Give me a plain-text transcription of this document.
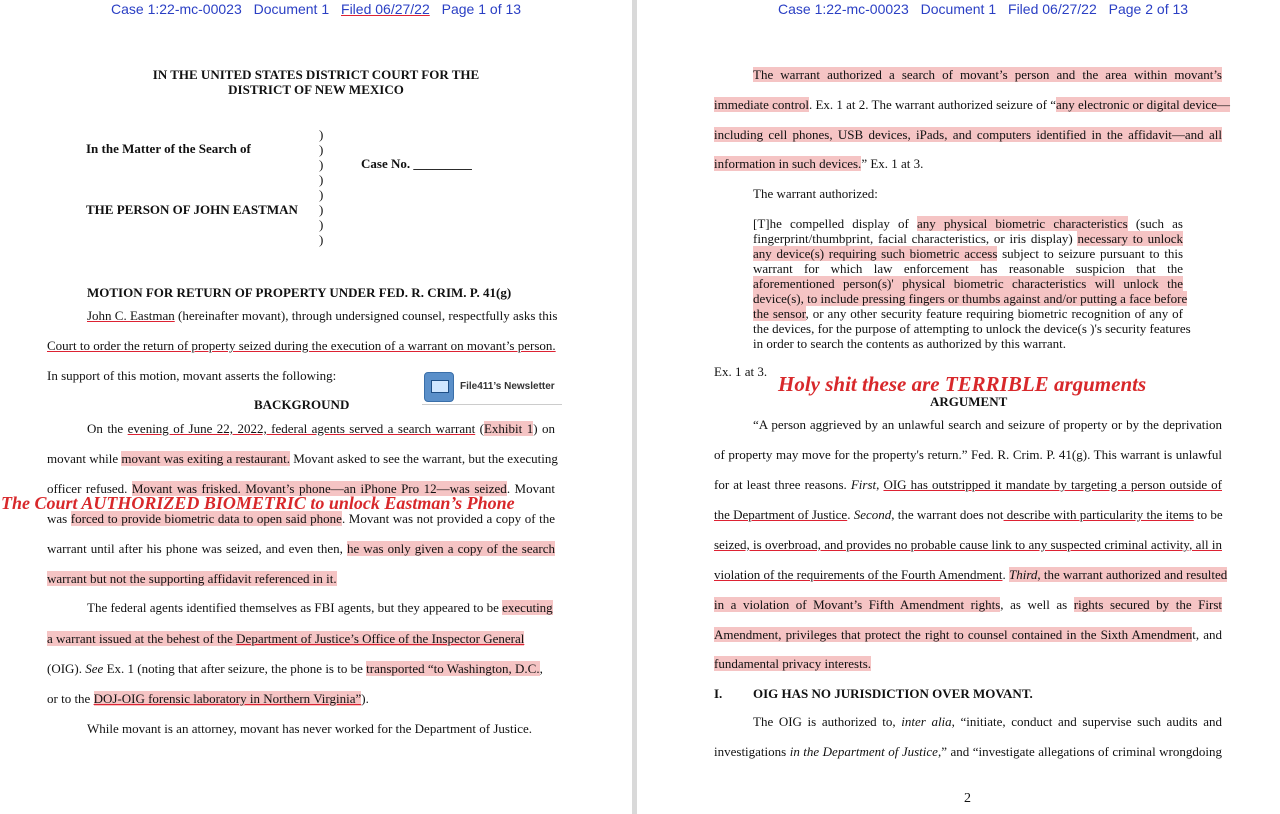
Case 1:22-mc-00023 Document 1 Filed 06/27/22 Page 1 of 13
IN THE UNITED STATES DISTRICT COURT FOR THE
DISTRICT OF NEW MEXICO
)
)
)
)
)
)
)
)
In the Matter of the Search of
THE PERSON OF JOHN EASTMAN
Case No. _________
MOTION FOR RETURN OF PROPERTY UNDER FED. R. CRIM. P. 41(g)
John C. Eastman (hereinafter movant), through undersigned counsel, respectfully asks this
Court to order the return of property seized during the execution of a warrant on movant’s person.
In support of this motion, movant asserts the following:
File411’s Newsletter
BACKGROUND
On the evening of June 22, 2022, federal agents served a search warrant (Exhibit 1) on
movant while movant was exiting a restaurant. Movant asked to see the warrant, but the executing
officer refused. Movant was frisked. Movant’s phone—an iPhone Pro 12—was seized. Movant
was forced to provide biometric data to open said phone. Movant was not provided a copy of the
warrant until after his phone was seized, and even then, he was only given a copy of the search
warrant but not the supporting affidavit referenced in it.
The federal agents identified themselves as FBI agents, but they appeared to be executing
a warrant issued at the behest of the Department of Justice’s Office of the Inspector General
(OIG). See Ex. 1 (noting that after seizure, the phone is to be transported “to Washington, D.C.,
or to the DOJ-OIG forensic laboratory in Northern Virginia”).
While movant is an attorney, movant has never worked for the Department of Justice.
The Court AUTHORIZED BIOMETRIC to unlock Eastman’s Phone
Case 1:22-mc-00023 Document 1 Filed 06/27/22 Page 2 of 13
The warrant authorized a search of movant’s person and the area within movant’s
immediate control. Ex. 1 at 2. The warrant authorized seizure of “any electronic or digital device—
including cell phones, USB devices, iPads, and computers identified in the affidavit—and all
information in such devices.” Ex. 1 at 3.
The warrant authorized:
[T]he compelled display of any physical biometric characteristics (such as
fingerprint/thumbprint, facial characteristics, or iris display) necessary to unlock
any device(s) requiring such biometric access subject to seizure pursuant to this
warrant for which law enforcement has reasonable suspicion that the
aforementioned person(s)' physical biometric characteristics will unlock the
device(s), to include pressing fingers or thumbs against and/or putting a face before
the sensor, or any other security feature requiring biometric recognition of any of
the devices, for the purpose of attempting to unlock the device(s )'s security features
in order to search the contents as authorized by this warrant.
Ex. 1 at 3.
Holy shit these are TERRIBLE arguments
ARGUMENT
“A person aggrieved by an unlawful search and seizure of property or by the deprivation
of property may move for the property's return.” Fed. R. Crim. P. 41(g). This warrant is unlawful
for at least three reasons. First, OIG has outstripped it mandate by targeting a person outside of
the Department of Justice. Second, the warrant does not describe with particularity the items to be
seized, is overbroad, and provides no probable cause link to any suspected criminal activity, all in
violation of the requirements of the Fourth Amendment. Third, the warrant authorized and resulted
in a violation of Movant’s Fifth Amendment rights, as well as rights secured by the First
Amendment, privileges that protect the right to counsel contained in the Sixth Amendment, and
fundamental privacy interests.
I. OIG HAS NO JURISDICTION OVER MOVANT.
The OIG is authorized to, inter alia, “initiate, conduct and supervise such audits and
investigations in the Department of Justice,” and “investigate allegations of criminal wrongdoing
2
